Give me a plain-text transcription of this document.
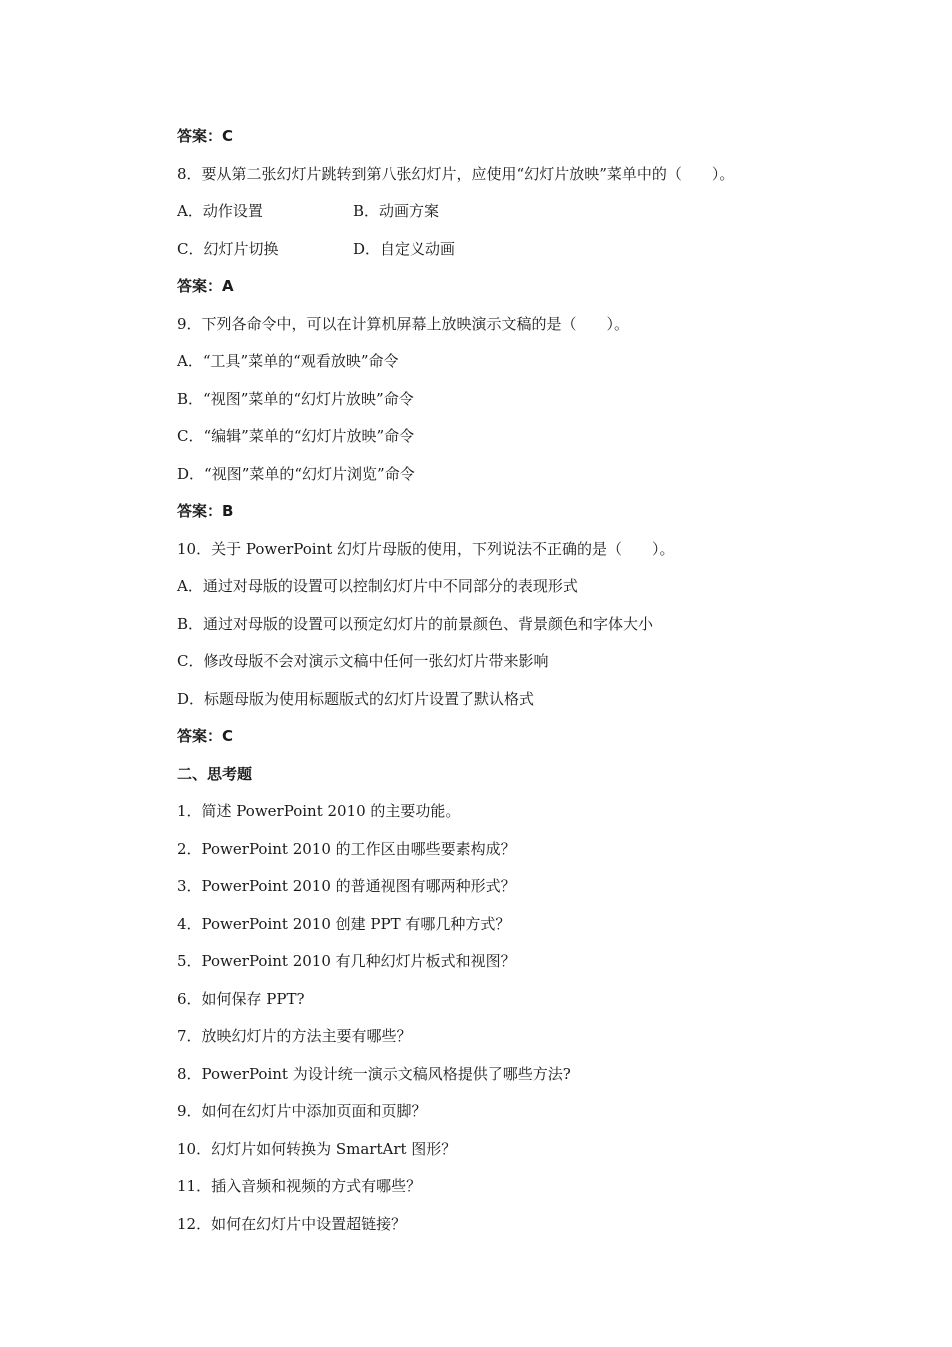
答案：C
8．要从第二张幻灯片跳转到第八张幻灯片，应使用“幻灯片放映”菜单中的（　　）。
A．动作设置	B．动画方案
C．幻灯片切换	D．自定义动画
答案：A
9．下列各命令中，可以在计算机屏幕上放映演示文稿的是（　　）。
A．“工具”菜单的“观看放映”命令
B．“视图”菜单的“幻灯片放映”命令
C．“编辑”菜单的“幻灯片放映”命令
D．“视图”菜单的“幻灯片浏览”命令
答案：B
10．关于 PowerPoint 幻灯片母版的使用，下列说法不正确的是（　　）。
A．通过对母版的设置可以控制幻灯片中不同部分的表现形式
B．通过对母版的设置可以预定幻灯片的前景颜色、背景颜色和字体大小
C．修改母版不会对演示文稿中任何一张幻灯片带来影响
D．标题母版为使用标题版式的幻灯片设置了默认格式
答案：C
二、思考题
1．简述 PowerPoint 2010 的主要功能。
2．PowerPoint 2010 的工作区由哪些要素构成？
3．PowerPoint 2010 的普通视图有哪两种形式？
4．PowerPoint 2010 创建 PPT 有哪几种方式？
5．PowerPoint 2010 有几种幻灯片板式和视图？
6．如何保存 PPT?
7．放映幻灯片的方法主要有哪些？
8．PowerPoint 为设计统一演示文稿风格提供了哪些方法?
9．如何在幻灯片中添加页面和页脚？
10．幻灯片如何转换为 SmartArt 图形？
11．插入音频和视频的方式有哪些？
12．如何在幻灯片中设置超链接？
